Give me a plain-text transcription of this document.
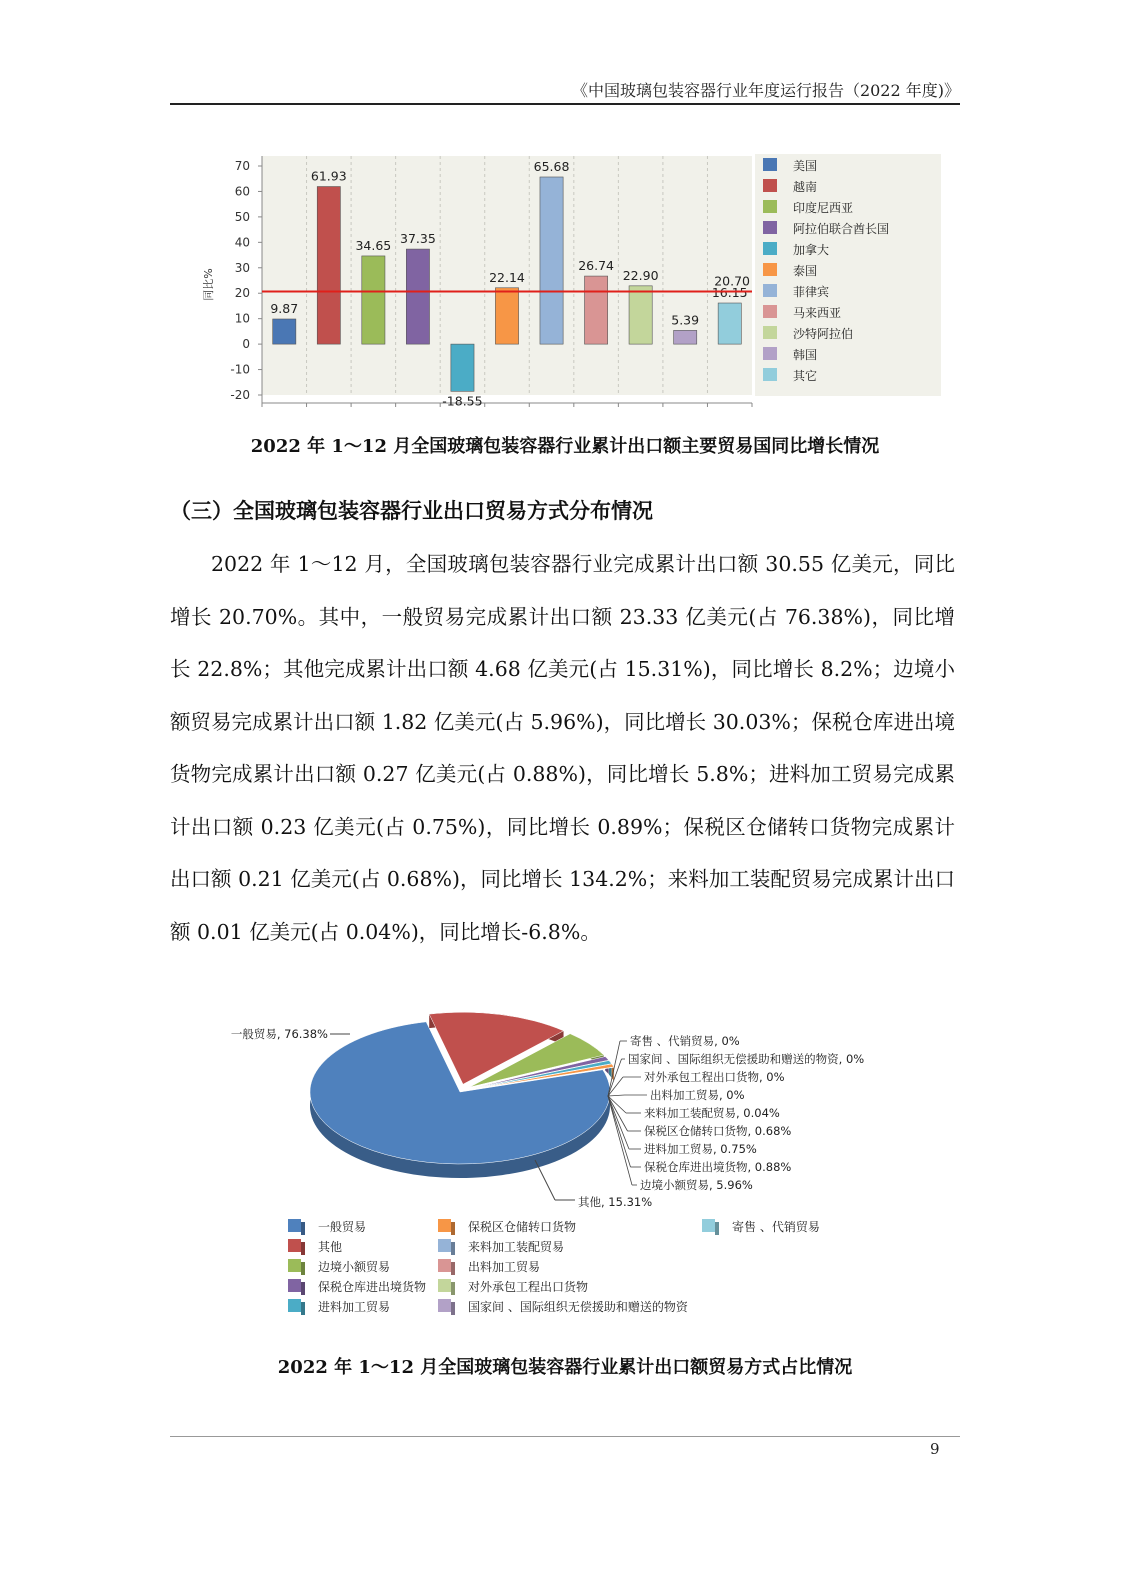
《中国玻璃包装容器行业年度运行报告（2022 年度)》
70
60
50
40
30
20
10
0
-10
-20
同比%
9.87
61.93
34.65 37.35
-18.55
22.14
65.68
26.74
22.90
5.39
16.15
20.70
美国
越南
印度尼西亚
阿拉伯联合酋长国
加拿大
泰国
菲律宾
马来西亚
沙特阿拉伯
韩国
其它
2022 年 1～12 月全国玻璃包装容器行业累计出口额主要贸易国同比增长情况
（三）全国玻璃包装容器行业出口贸易方式分布情况

2022 年 1～12 月，全国玻璃包装容器行业完成累计出口额 30.55 亿美元，同比增长 20.70%。其中，一般贸易完成累计出口额 23.33 亿美元(占 76.38%)，同比增长 22.8%；其他完成累计出口额 4.68 亿美元(占 15.31%)，同比增长 8.2%；边境小额贸易完成累计出口额 1.82 亿美元(占 5.96%)，同比增长 30.03%；保税仓库进出境货物完成累计出口额 0.27 亿美元(占 0.88%)，同比增长 5.8%；进料加工贸易完成累计出口额 0.23 亿美元(占 0.75%)，同比增长 0.89%；保税区仓储转口货物完成累计出口额 0.21 亿美元(占 0.68%)，同比增长 134.2%；来料加工装配贸易完成累计出口额 0.01 亿美元(占 0.04%)，同比增长-6.8%。

一般贸易, 76.38%
其他, 15.31%
寄售 、代销贸易, 0%
国家间 、国际组织无偿援助和赠送的物资, 0%
对外承包工程出口货物, 0%
出料加工贸易, 0%
来料加工装配贸易, 0.04%
保税区仓储转口货物, 0.68%
进料加工贸易, 0.75%
保税仓库进出境货物, 0.88%
边境小额贸易, 5.96%
一般贸易	保税区仓储转口货物	寄售 、代销贸易
其他	来料加工装配贸易
边境小额贸易	出料加工贸易
保税仓库进出境货物	对外承包工程出口货物
进料加工贸易	国家间 、国际组织无偿援助和赠送的物资
2022 年 1～12 月全国玻璃包装容器行业累计出口额贸易方式占比情况
9
